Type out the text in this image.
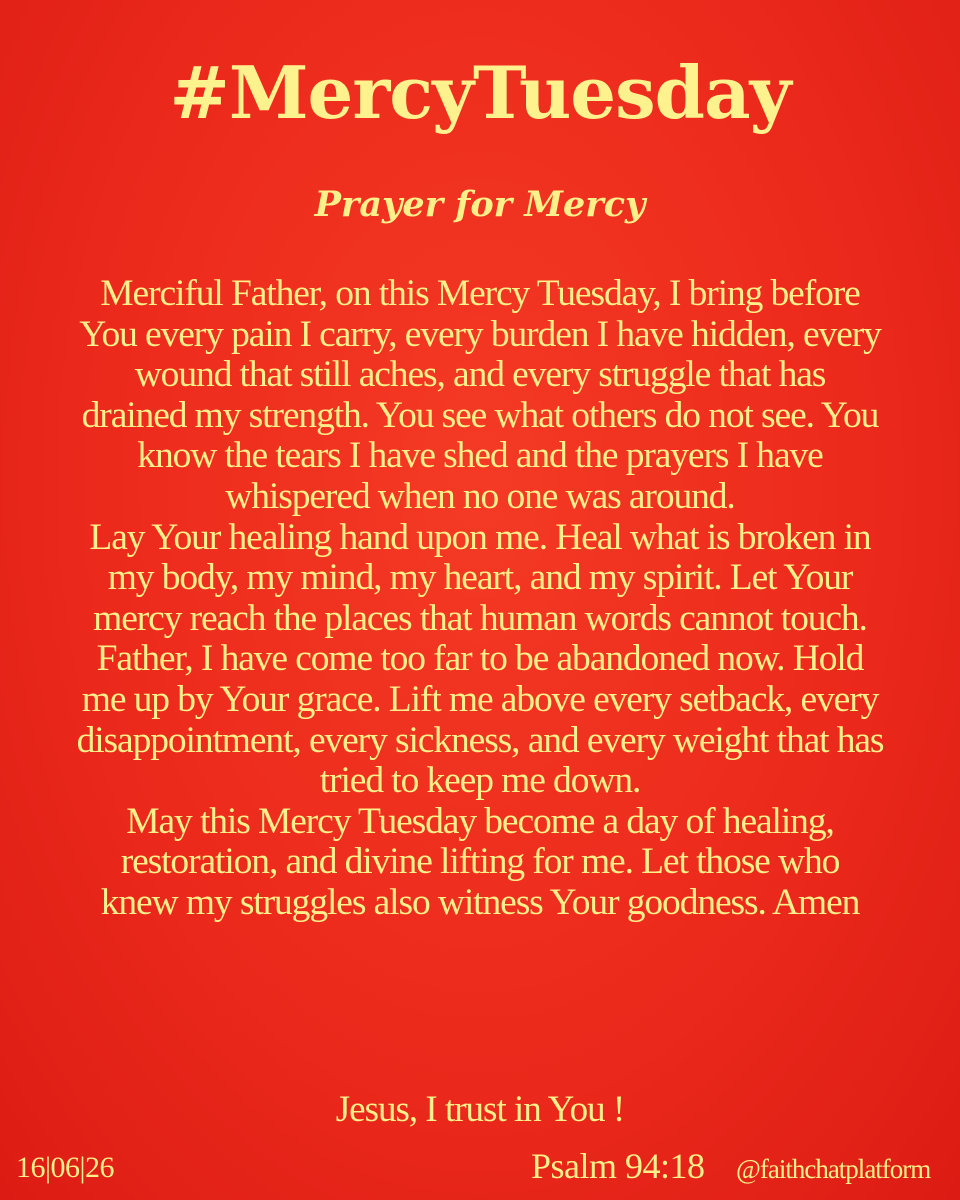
#MercyTuesday
Prayer for Mercy
Merciful Father, on this Mercy Tuesday, I bring before
You every pain I carry, every burden I have hidden, every
wound that still aches, and every struggle that has
drained my strength. You see what others do not see. You
know the tears I have shed and the prayers I have
whispered when no one was around.
Lay Your healing hand upon me. Heal what is broken in
my body, my mind, my heart, and my spirit. Let Your
mercy reach the places that human words cannot touch.
Father, I have come too far to be abandoned now. Hold
me up by Your grace. Lift me above every setback, every
disappointment, every sickness, and every weight that has
tried to keep me down.
May this Mercy Tuesday become a day of healing,
restoration, and divine lifting for me. Let those who
knew my struggles also witness Your goodness. Amen
Jesus, I trust in You !
16|06|26	Psalm 94:18 @faithchatplatform
